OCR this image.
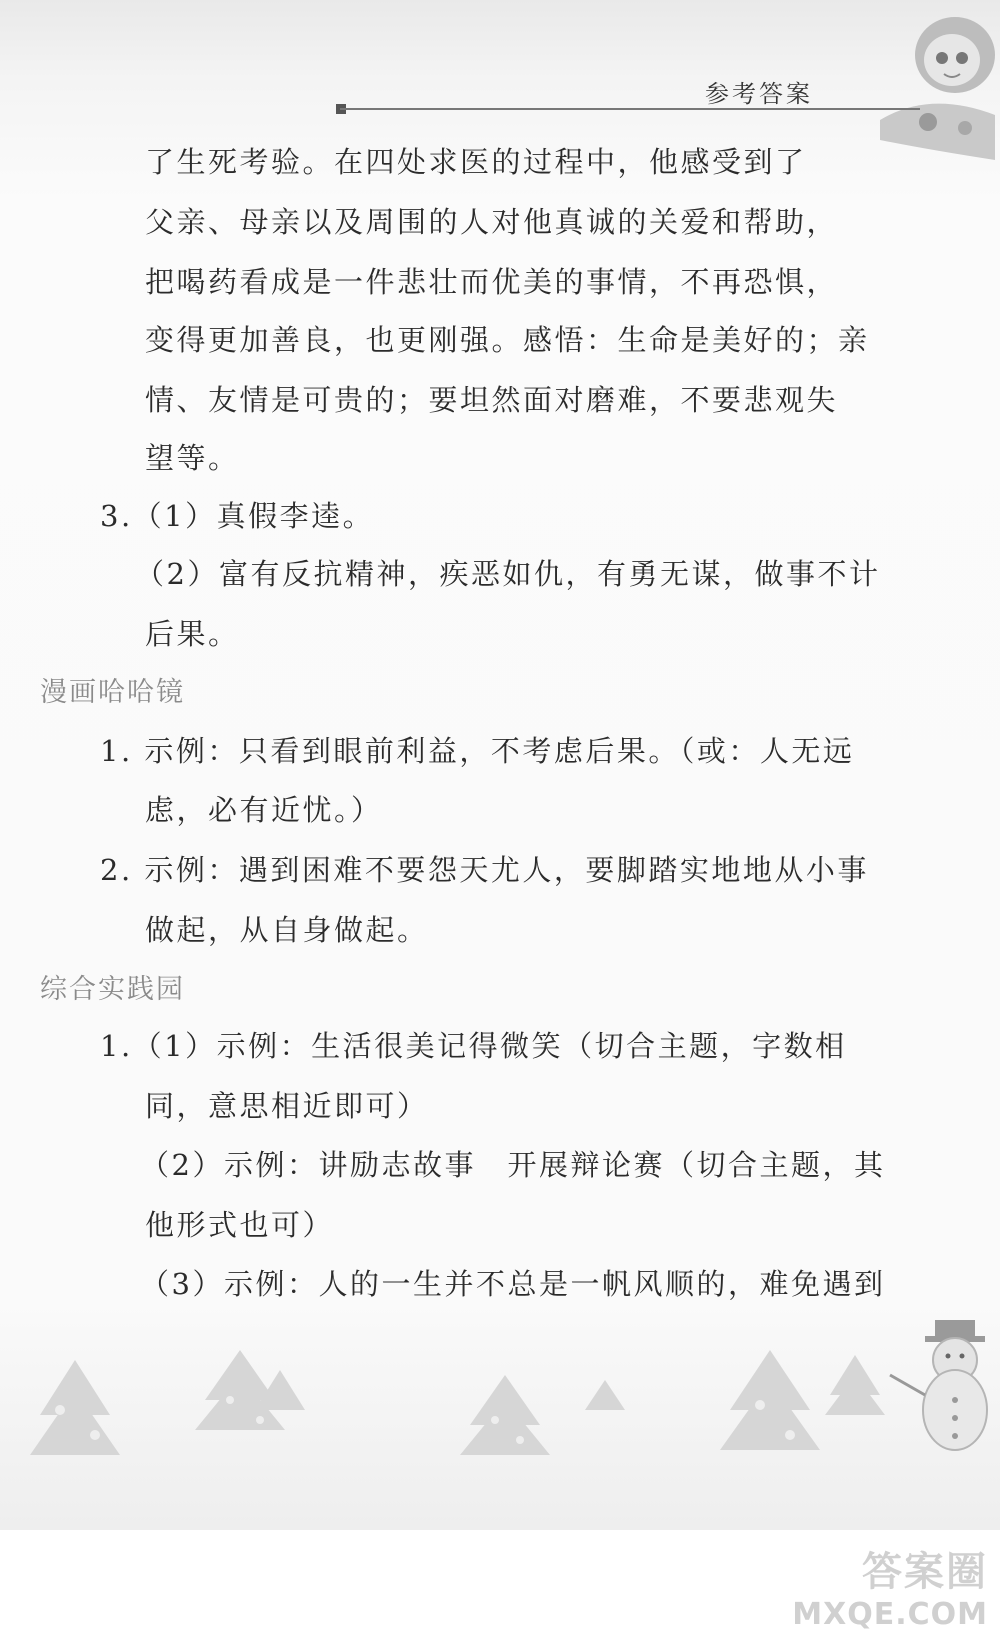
参考答案
了生死考验。在四处求医的过程中，他感受到了
父亲、母亲以及周围的人对他真诚的关爱和帮助，
把喝药看成是一件悲壮而优美的事情，不再恐惧，
变得更加善良，也更刚强。感悟：生命是美好的；亲
情、友情是可贵的；要坦然面对磨难，不要悲观失
望等。
3.（1）真假李逵。
（2）富有反抗精神，疾恶如仇，有勇无谋，做事不计
后果。
漫画哈哈镜
1. 示例：只看到眼前利益，不考虑后果。（或：人无远
虑，必有近忧。）
2. 示例：遇到困难不要怨天尤人，要脚踏实地地从小事
做起，从自身做起。
综合实践园
1.（1）示例：生活很美记得微笑（切合主题，字数相
同，意思相近即可）
（2）示例：讲励志故事　开展辩论赛（切合主题，其
他形式也可）
（3）示例：人的一生并不总是一帆风顺的，难免遇到
答案圈
MXQE.COM
